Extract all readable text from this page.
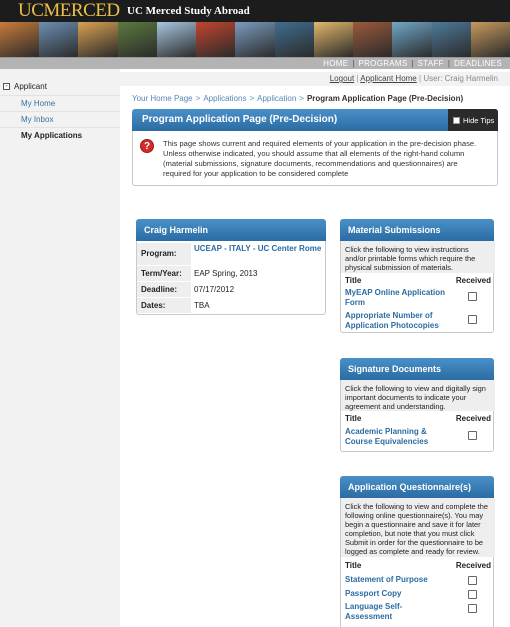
UCMERCED UC Merced Study Abroad
HOME | PROGRAMS | STAFF | DEADLINES
- Applicant
My Home
My Inbox
My Applications
Logout | Applicant Home | User: Craig Harmelin
Your Home Page > Applications > Application > Program Application Page (Pre-Decision)
Program Application Page (Pre-Decision)	Hide Tips
?	This page shows current and required elements of your application in the pre-decision phase. Unless otherwise indicated, you should assume that all elements of the right-hand column (material submissions, signature documents, recommendations and questionnaires) are required for your application to be considered complete
Craig Harmelin
Program:
UCEAP - ITALY - UC Center Rome
Term/Year:	EAP Spring, 2013
Deadline:	07/17/2012
Dates:	TBA
Material Submissions
Click the following to view instructions and/or printable forms which require the physical submission of materials.
Title	Received
MyEAP Online Application Form
Appropriate Number of Application Photocopies
Signature Documents
Click the following to view and digitally sign important documents to indicate your agreement and understanding.
Title	Received
Academic Planning & Course Equivalencies
Application Questionnaire(s)
Click the following to view and complete the following online questionnaire(s). You may begin a questionnaire and save it for later completion, but note that you must click Submit in order for the questionnaire to be logged as complete and ready for review.
Title	Received
Statement of Purpose
Passport Copy
Language Self-Assessment
